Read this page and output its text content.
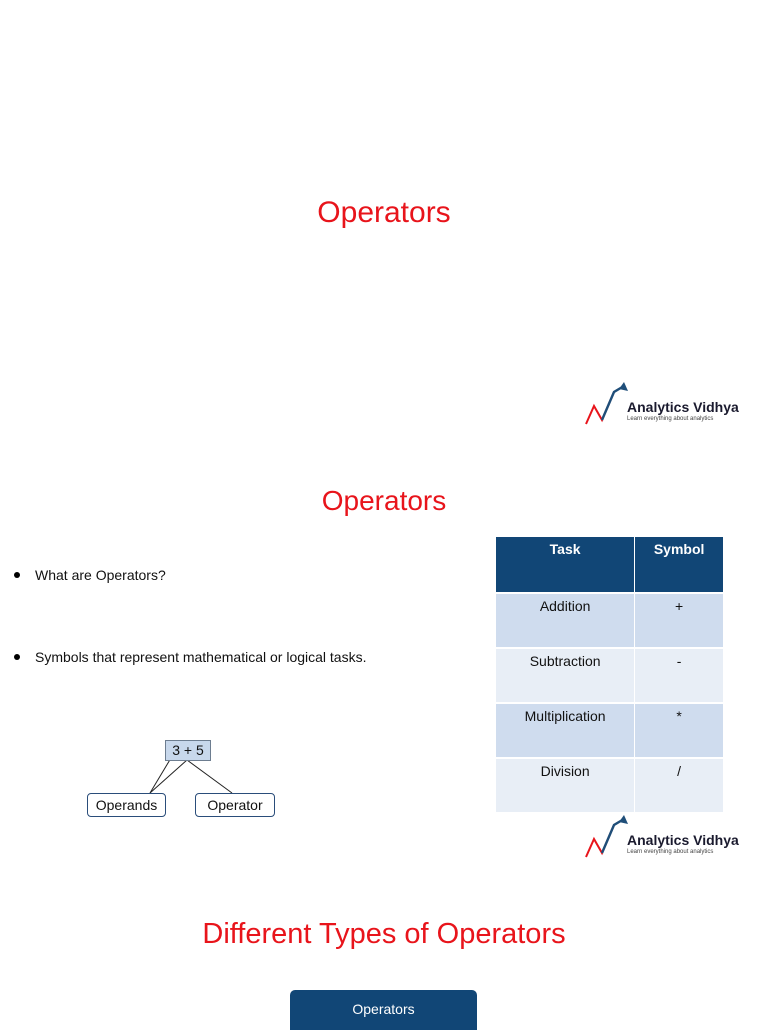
Operators
Analytics Vidhya
Learn everything about analytics
Operators
What are Operators?
Symbols that represent mathematical or logical tasks.
3 + 5
Operands	Operator
Task	Symbol
Addition	+
Subtraction	-
Multiplication	*
Division	/
Analytics Vidhya
Learn everything about analytics
Different Types of Operators
Operators
